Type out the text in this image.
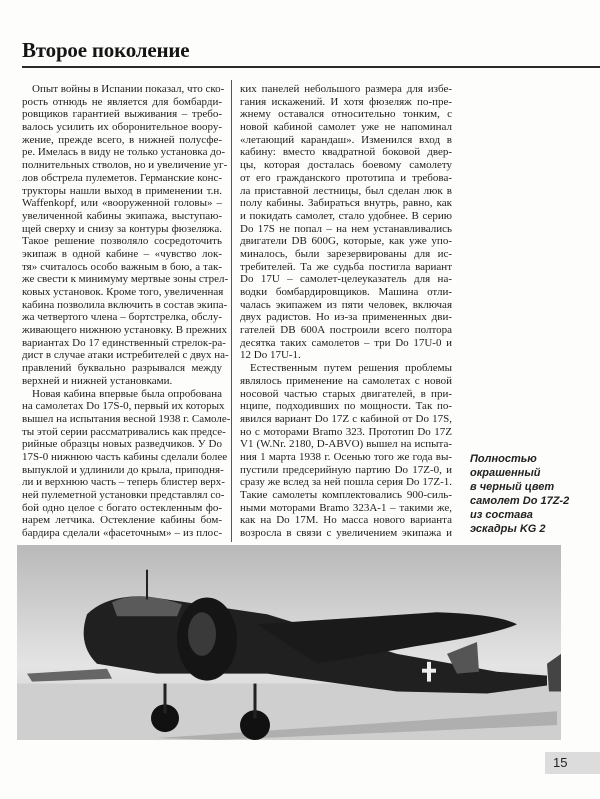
Второе поколение
Опыт войны в Испании показал, что ско-
рость отнюдь не является для бомбарди-
ровщиков гарантией выживания – требо-
валось усилить их оборонительное воору-
жение, прежде всего, в нижней полусфе-
ре. Имелась в виду не только установка до-
полнительных стволов, но и увеличение уг-
лов обстрела пулеметов. Германские конс-
трукторы нашли выход в применении т.н.
Waffenkopf, или «вооруженной головы» –
увеличенной кабины экипажа, выступаю-
щей сверху и снизу за контуры фюзеляжа.
Такое решение позволяло сосредоточить
экипаж в одной кабине – «чувство лок-
тя» считалось особо важным в бою, а так-
же свести к минимуму мертвые зоны стрел-
ковых установок. Кроме того, увеличенная
кабина позволила включить в состав экипа-
жа четвертого члена – бортстрелка, обслу-
живающего нижнюю установку. В прежних
вариантах Do 17 единственный стрелок-ра-
дист в случае атаки истребителей с двух на-
правлений буквально разрывался между
верхней и нижней установками.
Новая кабина впервые была опробована
на самолетах Do 17S-0, первый их которых
вышел на испытания весной 1938 г. Самоле-
ты этой серии рассматривались как предсе-
рийные образцы новых разведчиков. У Do
17S-0 нижнюю часть кабины сделали более
выпуклой и удлинили до крыла, приподня-
ли и верхнюю часть – теперь блистер верх-
ней пулеметной установки представлял со-
бой одно целое с богато остекленным фо-
нарем летчика. Остекление кабины бом-
бардира сделали «фасеточным» – из плос-
ких панелей небольшого размера для избе-
гания искажений. И хотя фюзеляж по-пре-
жнему оставался относительно тонким, с
новой кабиной самолет уже не напоминал
«летающий карандаш». Изменился вход в
кабину: вместо квадратной боковой двер-
цы, которая досталась боевому самолету
от его гражданского прототипа и требова-
ла приставной лестницы, был сделан люк в
полу кабины. Забираться внутрь, равно, как
и покидать самолет, стало удобнее. В серию
Do 17S не попал – на нем устанавливались
двигатели DB 600G, которые, как уже упо-
миналось, были зарезервированы для ис-
требителей. Та же судьба постигла вариант
Do 17U – самолет-целеуказатель для на-
водки бомбардировщиков. Машина отли-
чалась экипажем из пяти человек, включая
двух радистов. Но из-за примененных дви-
гателей DB 600A построили всего полтора
десятка таких самолетов – три Do 17U-0 и
12 Do 17U-1.
Естественным путем решения проблемы
являлось применение на самолетах с новой
носовой частью старых двигателей, в при-
нципе, подходивших по мощности. Так по-
явился вариант Do 17Z с кабиной от Do 17S,
но с моторами Bramo 323. Прототип Do 17Z
V1 (W.Nr. 2180, D-ABVO) вышел на испыта-
ния 1 марта 1938 г. Осенью того же года вы-
пустили предсерийную партию Do 17Z-0, и
сразу же вслед за ней пошла серия Do 17Z-1.
Такие самолеты комплектовались 900-силь-
ными моторами Bramo 323A-1 – такими же,
как на Do 17M. Но масса нового варианта
возросла в связи с увеличением экипажа и
Полностью
окрашенный
в черный цвет
самолет Do 17Z-2
из состава
эскадры KG 2
15
